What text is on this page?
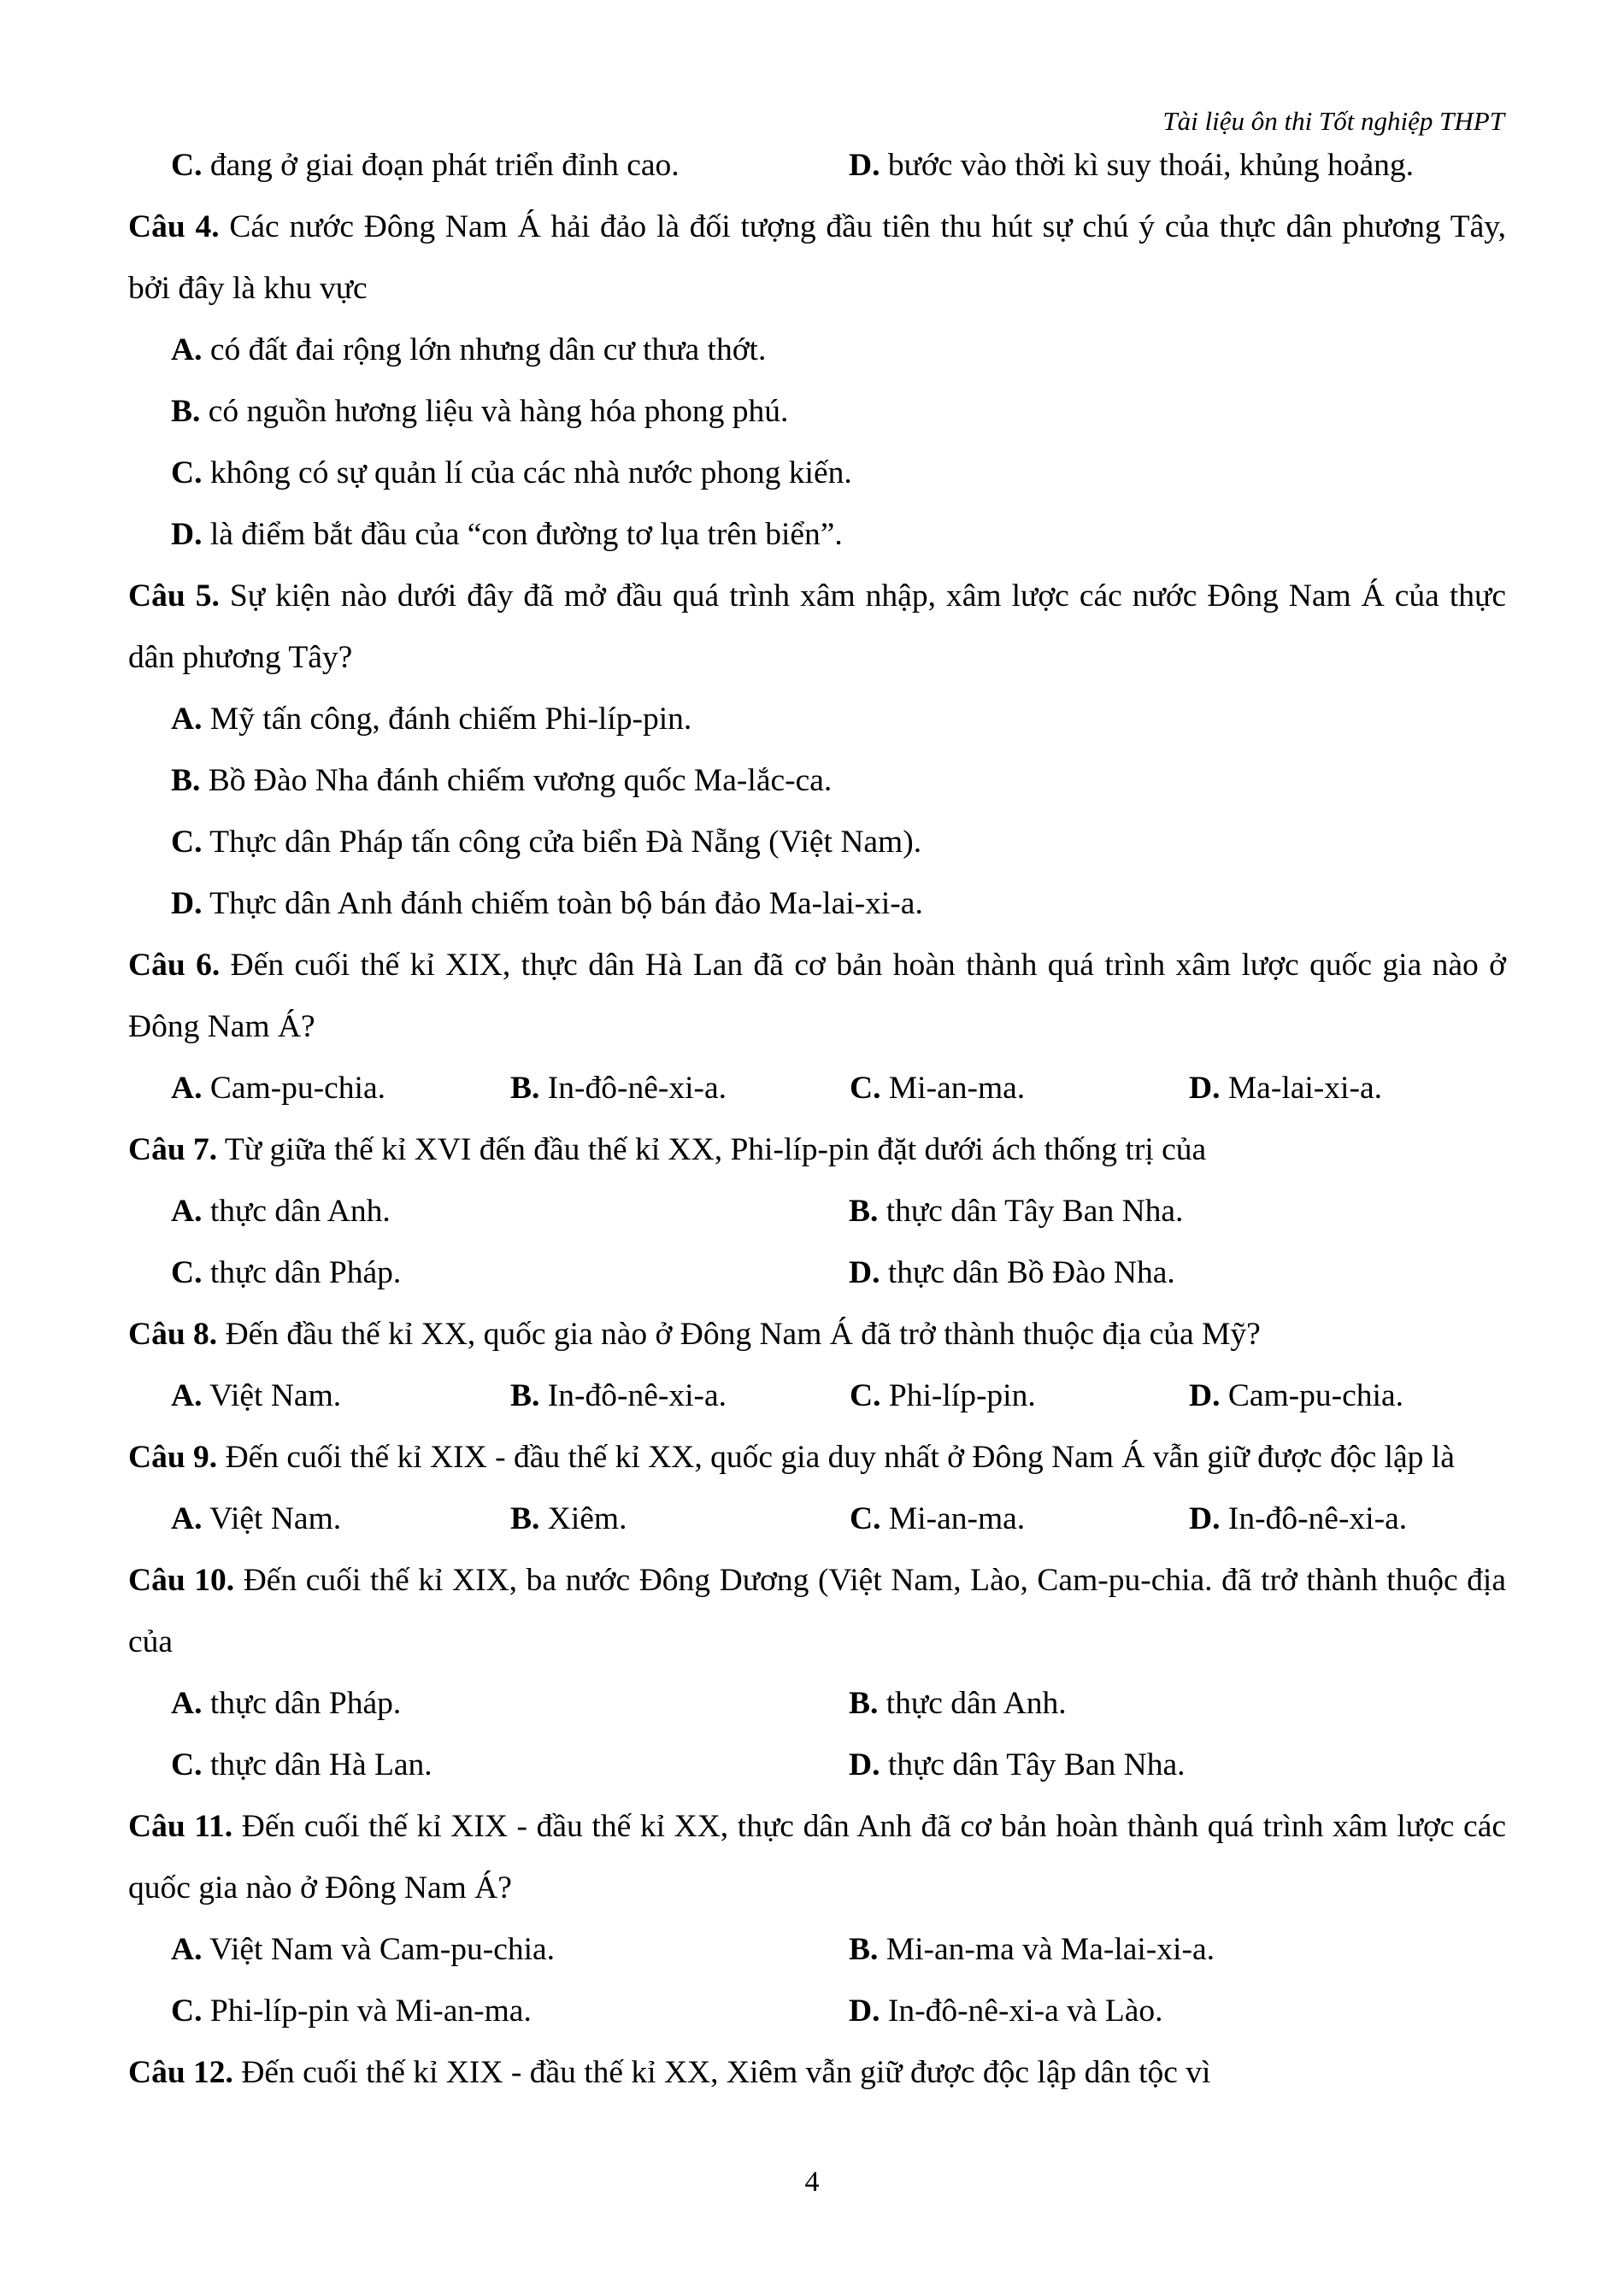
Tài liệu ôn thi Tốt nghiệp THPT
C. đang ở giai đoạn phát triển đỉnh cao.	D. bước vào thời kì suy thoái, khủng hoảng.
Câu 4. Các nước Đông Nam Á hải đảo là đối tượng đầu tiên thu hút sự chú ý của thực dân phương Tây, bởi đây là khu vực
A. có đất đai rộng lớn nhưng dân cư thưa thớt.
B. có nguồn hương liệu và hàng hóa phong phú.
C. không có sự quản lí của các nhà nước phong kiến.
D. là điểm bắt đầu của “con đường tơ lụa trên biển”.
Câu 5. Sự kiện nào dưới đây đã mở đầu quá trình xâm nhập, xâm lược các nước Đông Nam Á của thực dân phương Tây?
A. Mỹ tấn công, đánh chiếm Phi-líp-pin.
B. Bồ Đào Nha đánh chiếm vương quốc Ma-lắc-ca.
C. Thực dân Pháp tấn công cửa biển Đà Nẵng (Việt Nam).
D. Thực dân Anh đánh chiếm toàn bộ bán đảo Ma-lai-xi-a.
Câu 6. Đến cuối thế kỉ XIX, thực dân Hà Lan đã cơ bản hoàn thành quá trình xâm lược quốc gia nào ở Đông Nam Á?
A. Cam-pu-chia.	B. In-đô-nê-xi-a.	C. Mi-an-ma.	D. Ma-lai-xi-a.
Câu 7. Từ giữa thế kỉ XVI đến đầu thế kỉ XX, Phi-líp-pin đặt dưới ách thống trị của
A. thực dân Anh.	B. thực dân Tây Ban Nha.
C. thực dân Pháp.	D. thực dân Bồ Đào Nha.
Câu 8. Đến đầu thế kỉ XX, quốc gia nào ở Đông Nam Á đã trở thành thuộc địa của Mỹ?
A. Việt Nam.	B. In-đô-nê-xi-a.	C. Phi-líp-pin.	D. Cam-pu-chia.
Câu 9. Đến cuối thế kỉ XIX - đầu thế kỉ XX, quốc gia duy nhất ở Đông Nam Á vẫn giữ được độc lập là
A. Việt Nam.	B. Xiêm.	C. Mi-an-ma.	D. In-đô-nê-xi-a.
Câu 10. Đến cuối thế kỉ XIX, ba nước Đông Dương (Việt Nam, Lào, Cam-pu-chia. đã trở thành thuộc địa của
A. thực dân Pháp.	B. thực dân Anh.
C. thực dân Hà Lan.	D. thực dân Tây Ban Nha.
Câu 11. Đến cuối thế kỉ XIX - đầu thế kỉ XX, thực dân Anh đã cơ bản hoàn thành quá trình xâm lược các quốc gia nào ở Đông Nam Á?
A. Việt Nam và Cam-pu-chia.	B. Mi-an-ma và Ma-lai-xi-a.
C. Phi-líp-pin và Mi-an-ma.	D. In-đô-nê-xi-a và Lào.
Câu 12. Đến cuối thế kỉ XIX - đầu thế kỉ XX, Xiêm vẫn giữ được độc lập dân tộc vì
4
